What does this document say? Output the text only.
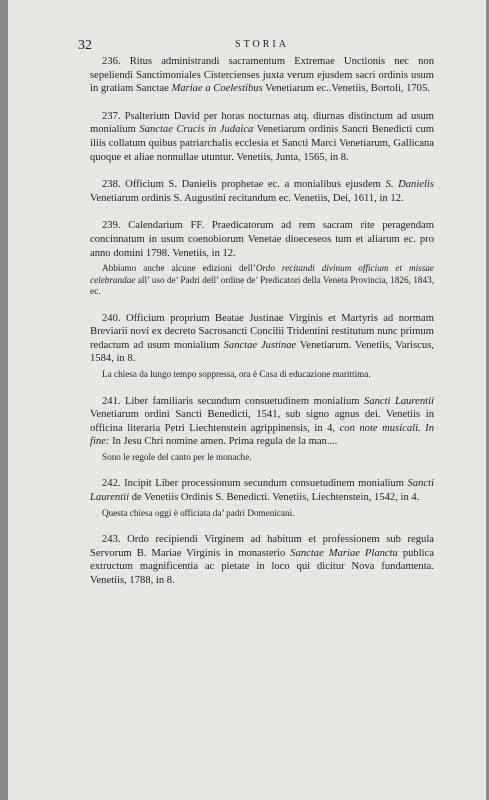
32	STORIA

236. Ritus administrandi sacramentum Extremae Unctionis nec non sepeliendi Sanctimoniales Cistercienses juxta verum ejusdem sacri ordinis usum in gratiam Sanctae Mariae a Coelestibus Venetiarum ec..Venetiis, Bortoli, 1705.

237. Psalterium David per horas nocturnas atq. diurnas distinctum ad usum monialium Sanctae Crucis in Judaica Venetiarum ordinis Sancti Benedicti cum iliis collatum quibus patriarchalis ecclesia et Sancti Marci Venetiarum, Gallicana quoque et aliae nonnullae utuntur. Venetiis, Junta, 1565, in 8.

238. Officium S. Danielis prophetae ec. a monialibus ejusdem S. Danielis Venetiarum ordinis S. Augustini recitandum ec. Venetiis, Dei, 1611, in 12.

239. Calendarium FF. Praedicatorum ad rem sacram rite peragendam concinnatum in usum coenobiorum Venetae dioeceseos tum et aliarum ec. pro anno domini 1798. Venetiis, in 12.

Abbiamo anche alcune edizioni dell’Ordo recitandi divinum officium et missae celebrandae all’ uso de’ Padri dell’ ordine de’ Predicatori della Veneta Provincia, 1826, 1843, ec.

240. Officium proprium Beatae Justinae Virginis et Martyris ad normam Breviarii novi ex decreto Sacrosancti Concilii Tridentini restitutum nunc primum redactum ad usum monialium Sanctae Justinae Venetiarum. Venetiis, Variscus, 1584, in 8.

La chiesa da lungo tempo soppressa, ora è Casa di educazione marittima.

241. Liber familiaris secundum consuetudinem monialium Sancti Laurentii Venetiarum ordini Sancti Benedicti, 1541, sub signo agnus dei. Venetiis in officina literaria Petri Liechtenstein agrippinensis, in 4, con note musicali. In fine: In Jesu Chri nomine amen. Prima regula de la man....

Sono le regole del canto per le monache.

242. Incipit Liber processionum secundum consuetudinem monialium Sancti Laurentii de Venetiis Ordinis S. Benedicti. Venetiis, Liechtenstein, 1542, in 4.

Questa chiesa oggi è officiata da’ padri Domenicani.

243. Ordo recipiendi Virginem ad habitum et professionem sub regula Servorum B. Mariae Virginis in monasterio Sanctae Mariae Planctu publica extructum magnificentia ac pietate in loco qui dicitur Nova fundamenta. Venetiis, 1788, in 8.
